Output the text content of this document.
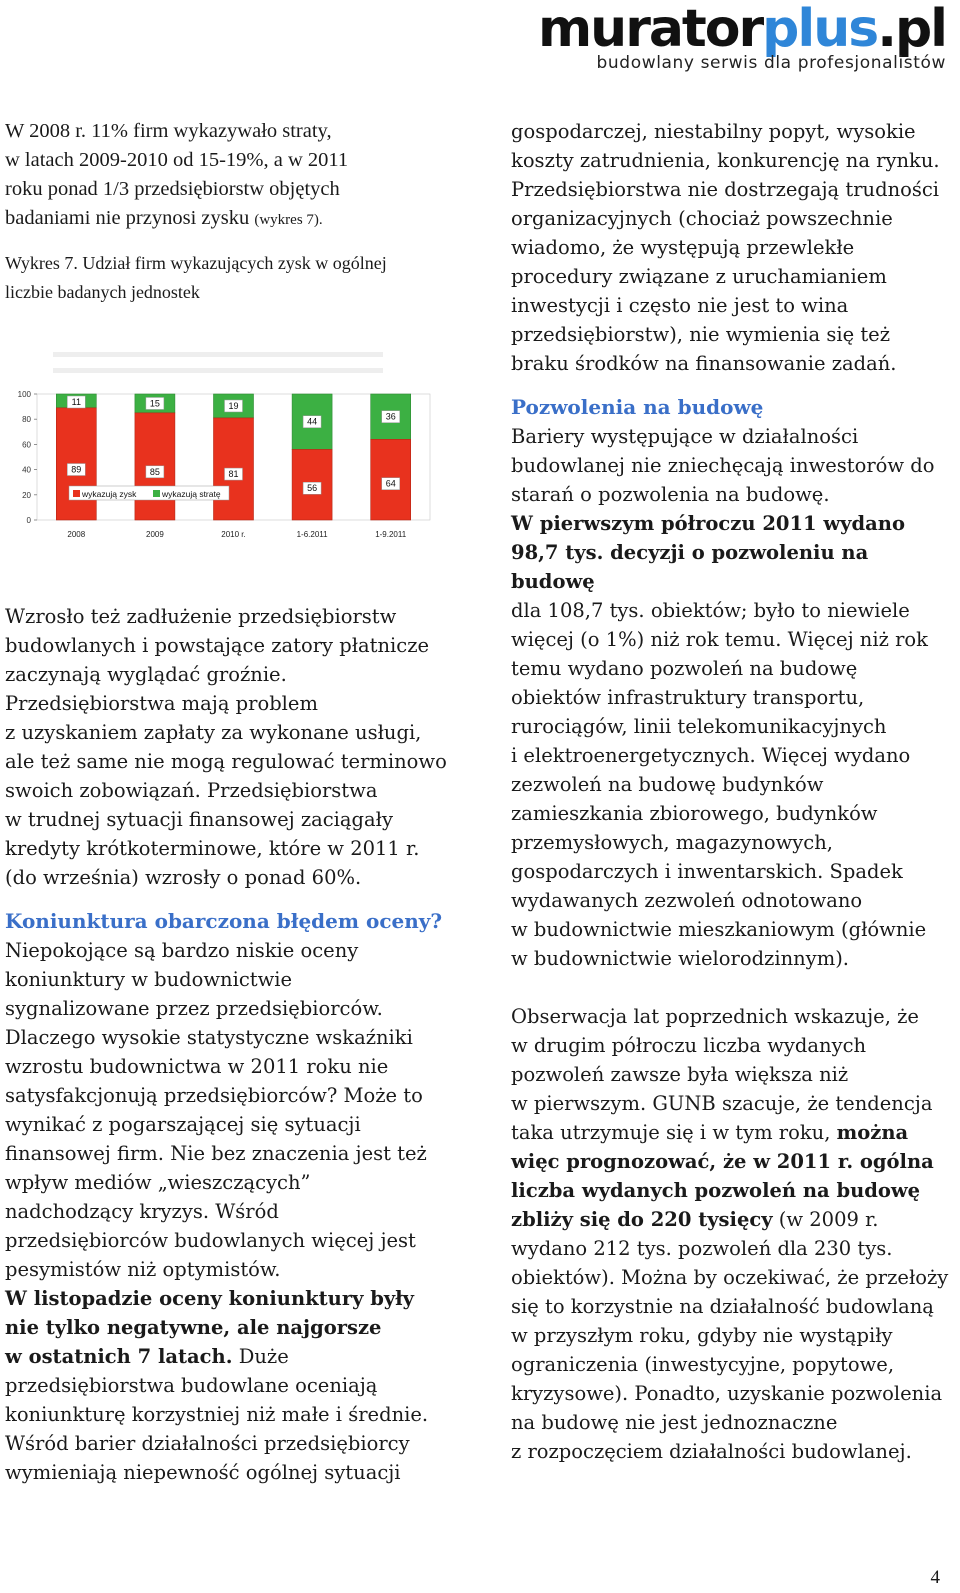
muratorplus.pl
budowlany serwis dla profesjonalistów
W 2008 r. 11% firm wykazywało straty,
w latach 2009-2010 od 15-19%, a w 2011
roku ponad 1/3 przedsiębiorstw objętych
badaniami nie przynosi zysku (wykres 7).
Wykres 7. Udział firm wykazujących zysk w ogólnej
liczbie badanych jednostek
0
20
40
60
80
100
11
89
2008
15
85
2009
19
81
2010 r.
44
56
1-6.2011
36
64
1-9.2011
wykazują zysk	wykazują stratę

Wzrosło też zadłużenie przedsiębiorstw
budowlanych i powstające zatory płatnicze
zaczynają wyglądać groźnie.
Przedsiębiorstwa mają problem
z uzyskaniem zapłaty za wykonane usługi,
ale też same nie mogą regulować terminowo
swoich zobowiązań. Przedsiębiorstwa
w trudnej sytuacji finansowej zaciągały
kredyty krótkoterminowe, które w 2011 r.
(do września) wzrosły o ponad 60%.

Koniunktura obarczona błędem oceny?

Niepokojące są bardzo niskie oceny
koniunktury w budownictwie
sygnalizowane przez przedsiębiorców.
Dlaczego wysokie statystyczne wskaźniki
wzrostu budownictwa w 2011 roku nie
satysfakcjonują przedsiębiorców? Może to
wynikać z pogarszającej się sytuacji
finansowej firm. Nie bez znaczenia jest też
wpływ mediów „wieszczących”
nadchodzący kryzys. Wśród
przedsiębiorców budowlanych więcej jest
pesymistów niż optymistów.
W listopadzie oceny koniunktury były
nie tylko negatywne, ale najgorsze
w ostatnich 7 latach. Duże
przedsiębiorstwa budowlane oceniają
koniunkturę korzystniej niż małe i średnie.
Wśród barier działalności przedsiębiorcy
wymieniają niepewność ogólnej sytuacji

gospodarczej, niestabilny popyt, wysokie
koszty zatrudnienia, konkurencję na rynku.
Przedsiębiorstwa nie dostrzegają trudności
organizacyjnych (chociaż powszechnie
wiadomo, że występują przewlekłe
procedury związane z uruchamianiem
inwestycji i często nie jest to wina
przedsiębiorstw), nie wymienia się też
braku środków na finansowanie zadań.

Pozwolenia na budowę

Bariery występujące w działalności
budowlanej nie zniechęcają inwestorów do
starań o pozwolenia na budowę.
W pierwszym półroczu 2011 wydano
98,7 tys. decyzji o pozwoleniu na budowę
dla 108,7 tys. obiektów; było to niewiele
więcej (o 1%) niż rok temu. Więcej niż rok
temu wydano pozwoleń na budowę
obiektów infrastruktury transportu,
rurociągów, linii telekomunikacyjnych
i elektroenergetycznych. Więcej wydano
zezwoleń na budowę budynków
zamieszkania zbiorowego, budynków
przemysłowych, magazynowych,
gospodarczych i inwentarskich. Spadek
wydawanych zezwoleń odnotowano
w budownictwie mieszkaniowym (głównie
w budownictwie wielorodzinnym).

Obserwacja lat poprzednich wskazuje, że
w drugim półroczu liczba wydanych
pozwoleń zawsze była większa niż
w pierwszym. GUNB szacuje, że tendencja
taka utrzymuje się i w tym roku, można
więc prognozować, że w 2011 r. ogólna
liczba wydanych pozwoleń na budowę
zbliży się do 220 tysięcy (w 2009 r.
wydano 212 tys. pozwoleń dla 230 tys.
obiektów). Można by oczekiwać, że przełoży
się to korzystnie na działalność budowlaną
w przyszłym roku, gdyby nie wystąpiły
ograniczenia (inwestycyjne, popytowe,
kryzysowe). Ponadto, uzyskanie pozwolenia
na budowę nie jest jednoznaczne
z rozpoczęciem działalności budowlanej.

4
